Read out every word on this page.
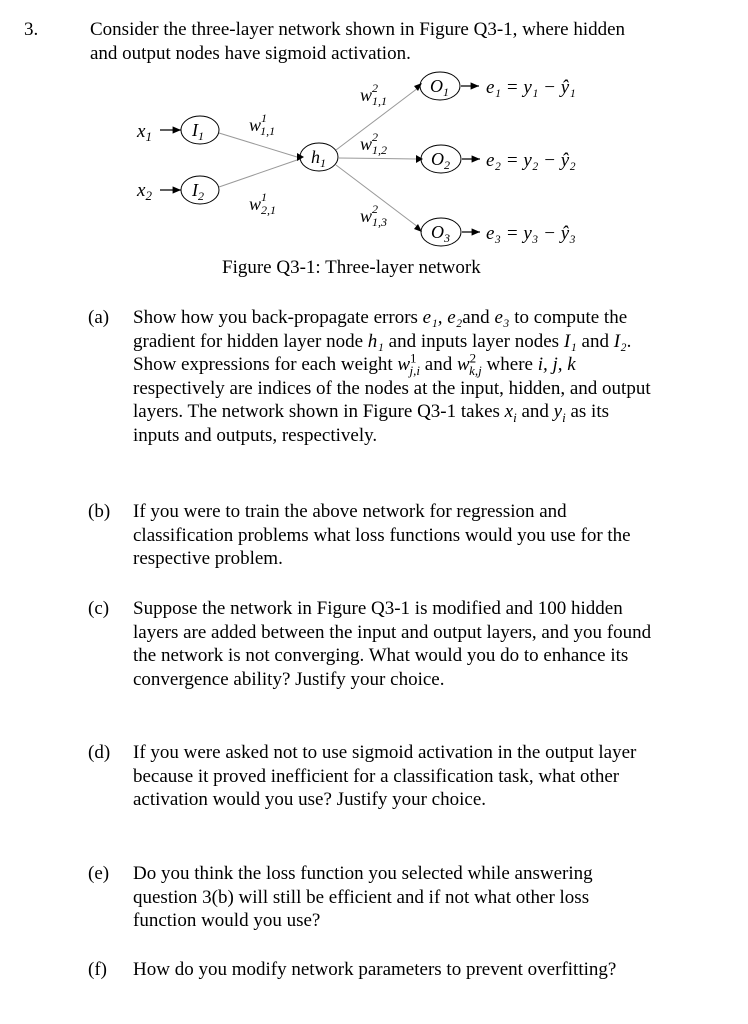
3.	Consider the three-layer network shown in Figure Q3-1, where hidden
and output nodes have sigmoid activation.
$x_1$ $I_1$
$x_2$ $I_2$
$w^1$ 1,1
$w^1$ 2,1
$h_1$
$w^2$ 1,1
$w^2$ 1,2
$w^2$ 1,3
$O_1$
$O_2$
$O_3$
e₁ = y₁ − ŷ₁
e₂ = y₂ − ŷ₂
e₃ = y₃ − ŷ₃
Figure Q3-1: Three-layer network
(a) Show how you back-propagate errors e₁, e₂and e₃ to compute the
gradient for hidden layer node h₁ and inputs layer nodes I₁ and I₂.
Show expressions for each weight $w^1_{j,i}$ and $w^2_{k,j}$ where i, j, k
respectively are indices of the nodes at the input, hidden, and output
layers. The network shown in Figure Q3-1 takes $x_i$ and $y_i$ as its
inputs and outputs, respectively.
(b) If you were to train the above network for regression and
classification problems what loss functions would you use for the
respective problem.
(c) Suppose the network in Figure Q3-1 is modified and 100 hidden
layers are added between the input and output layers, and you found
the network is not converging. What would you do to enhance its
convergence ability? Justify your choice.
(d) If you were asked not to use sigmoid activation in the output layer
because it proved inefficient for a classification task, what other
activation would you use? Justify your choice.
(e) Do you think the loss function you selected while answering
question 3(b) will still be efficient and if not what other loss
function would you use?
(f) How do you modify network parameters to prevent overfitting?
